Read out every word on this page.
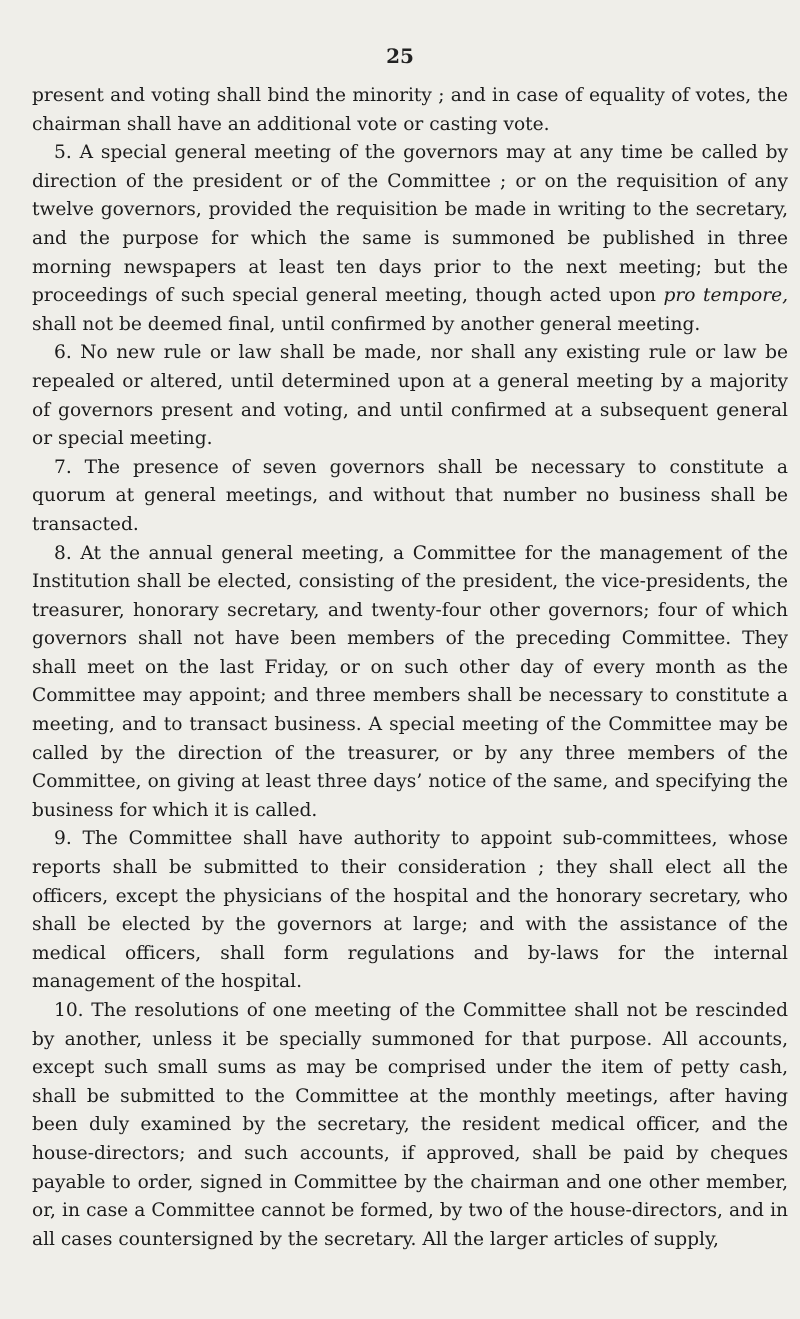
25

present and voting shall bind the minority ; and in case of equality of votes, the chairman shall have an additional vote or casting vote.

5. A special general meeting of the governors may at any time be called by direction of the president or of the Committee ; or on the requisition of any twelve governors, provided the requisition be made in writing to the secretary, and the purpose for which the same is summoned be published in three morning newspapers at least ten days prior to the next meeting; but the proceedings of such special general meeting, though acted upon pro tempore, shall not be deemed final, until confirmed by another general meeting.

6. No new rule or law shall be made, nor shall any existing rule or law be repealed or altered, until determined upon at a general meeting by a majority of governors present and voting, and until confirmed at a subsequent general or special meeting.

7. The presence of seven governors shall be necessary to constitute a quorum at general meetings, and without that number no business shall be transacted.

8. At the annual general meeting, a Committee for the management of the Institution shall be elected, consisting of the president, the vice-presidents, the treasurer, honorary secretary, and twenty-four other governors; four of which governors shall not have been members of the preceding Committee. They shall meet on the last Friday, or on such other day of every month as the Committee may appoint; and three members shall be necessary to constitute a meeting, and to transact business. A special meeting of the Committee may be called by the direction of the treasurer, or by any three members of the Committee, on giving at least three days’ notice of the same, and specifying the business for which it is called.

9. The Committee shall have authority to appoint sub-committees, whose reports shall be submitted to their consideration ; they shall elect all the officers, except the physicians of the hospital and the honorary secretary, who shall be elected by the governors at large; and with the assistance of the medical officers, shall form regulations and by-laws for the internal management of the hospital.

10. The resolutions of one meeting of the Committee shall not be rescinded by another, unless it be specially summoned for that purpose. All accounts, except such small sums as may be comprised under the item of petty cash, shall be submitted to the Committee at the monthly meetings, after having been duly examined by the secretary, the resident medical officer, and the house-directors; and such accounts, if approved, shall be paid by cheques payable to order, signed in Committee by the chairman and one other member, or, in case a Committee cannot be formed, by two of the house-directors, and in all cases countersigned by the secretary. All the larger articles of supply,
